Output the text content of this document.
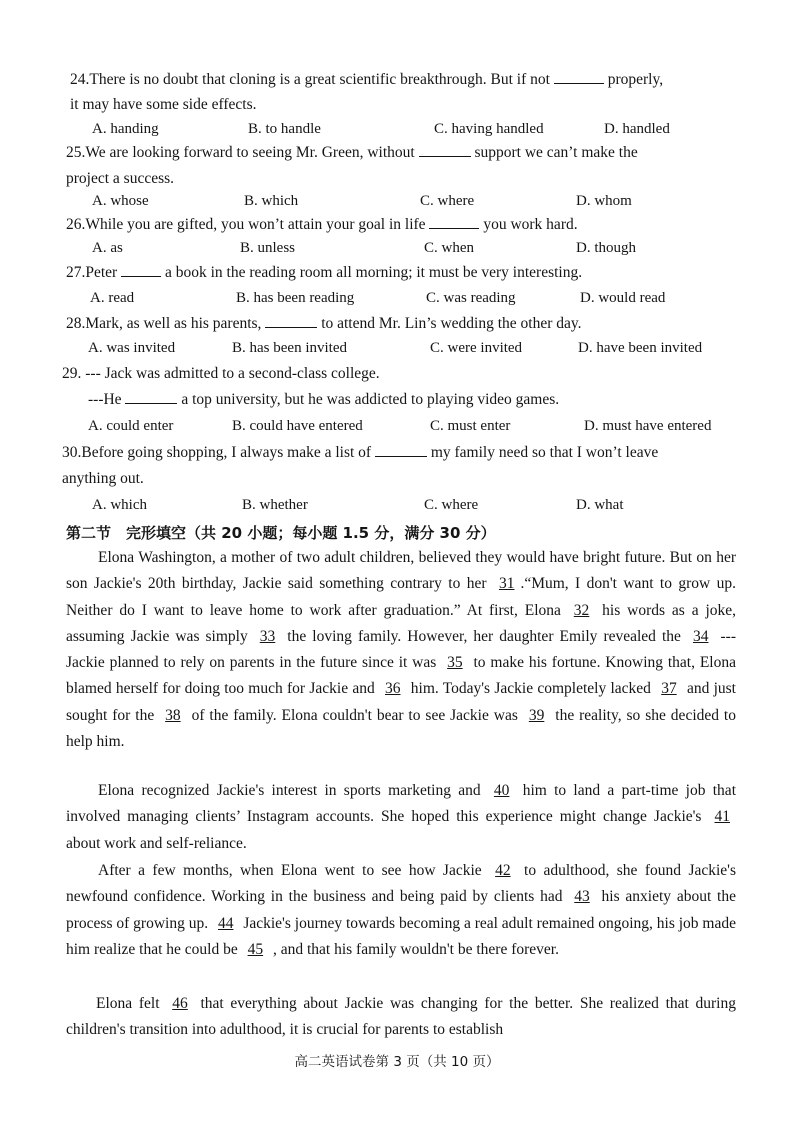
24.There is no doubt that cloning is a great scientific breakthrough. But if not	properly,
it may have some side effects.
A. handing	B. to handle	C. having handled	D. handled
25.We are looking forward to seeing Mr. Green, without	support we can’t make the
project a success.
A. whose	B. which	C. where	D. whom
26.While you are gifted, you won’t attain your goal in life	you work hard.
A. as	B. unless	C. when	D. though
27.Peter	a book in the reading room all morning; it must be very interesting.
A. read	B. has been reading	C. was reading	D. would read
28.Mark, as well as his parents,	to attend Mr. Lin’s wedding the other day.
A. was invited	B. has been invited	C. were invited	D. have been invited
29. --- Jack was admitted to a second-class college.
---He	a top university, but he was addicted to playing video games.
A. could enter	B. could have entered	C. must enter	D. must have entered
30.Before going shopping, I always make a list of	my family need so that I won’t leave
anything out.
A. which	B. whether	C. where	D. what
第二节　完形填空（共 20 小题；每小题 1.5 分，满分 30 分）
Elona Washington, a mother of two adult children, believed they would have bright future. But on her son Jackie's 20th birthday, Jackie said something contrary to her 31 .“Mum, I don't want to grow up. Neither do I want to leave home to work after graduation.” At first, Elona 32 his words as a joke, assuming Jackie was simply 33 the loving family. However, her daughter Emily revealed the 34 ---Jackie planned to rely on parents in the future since it was 35 to make his fortune. Knowing that, Elona blamed herself for doing too much for Jackie and 36 him. Today's Jackie completely lacked 37 and just sought for the 38 of the family. Elona couldn't bear to see Jackie was 39 the reality, so she decided to help him.
Elona recognized Jackie's interest in sports marketing and 40 him to land a part-time job that involved managing clients’ Instagram accounts. She hoped this experience might change Jackie's 41 about work and self-reliance.
After a few months, when Elona went to see how Jackie 42 to adulthood, she found Jackie's newfound confidence. Working in the business and being paid by clients had 43 his anxiety about the process of growing up. 44 Jackie's journey towards becoming a real adult remained ongoing, his job made him realize that he could be 45 , and that his family wouldn't be there forever.
Elona felt 46 that everything about Jackie was changing for the better. She realized that during children's transition into adulthood, it is crucial for parents to establish
高二英语试卷第 3 页（共 10 页）
